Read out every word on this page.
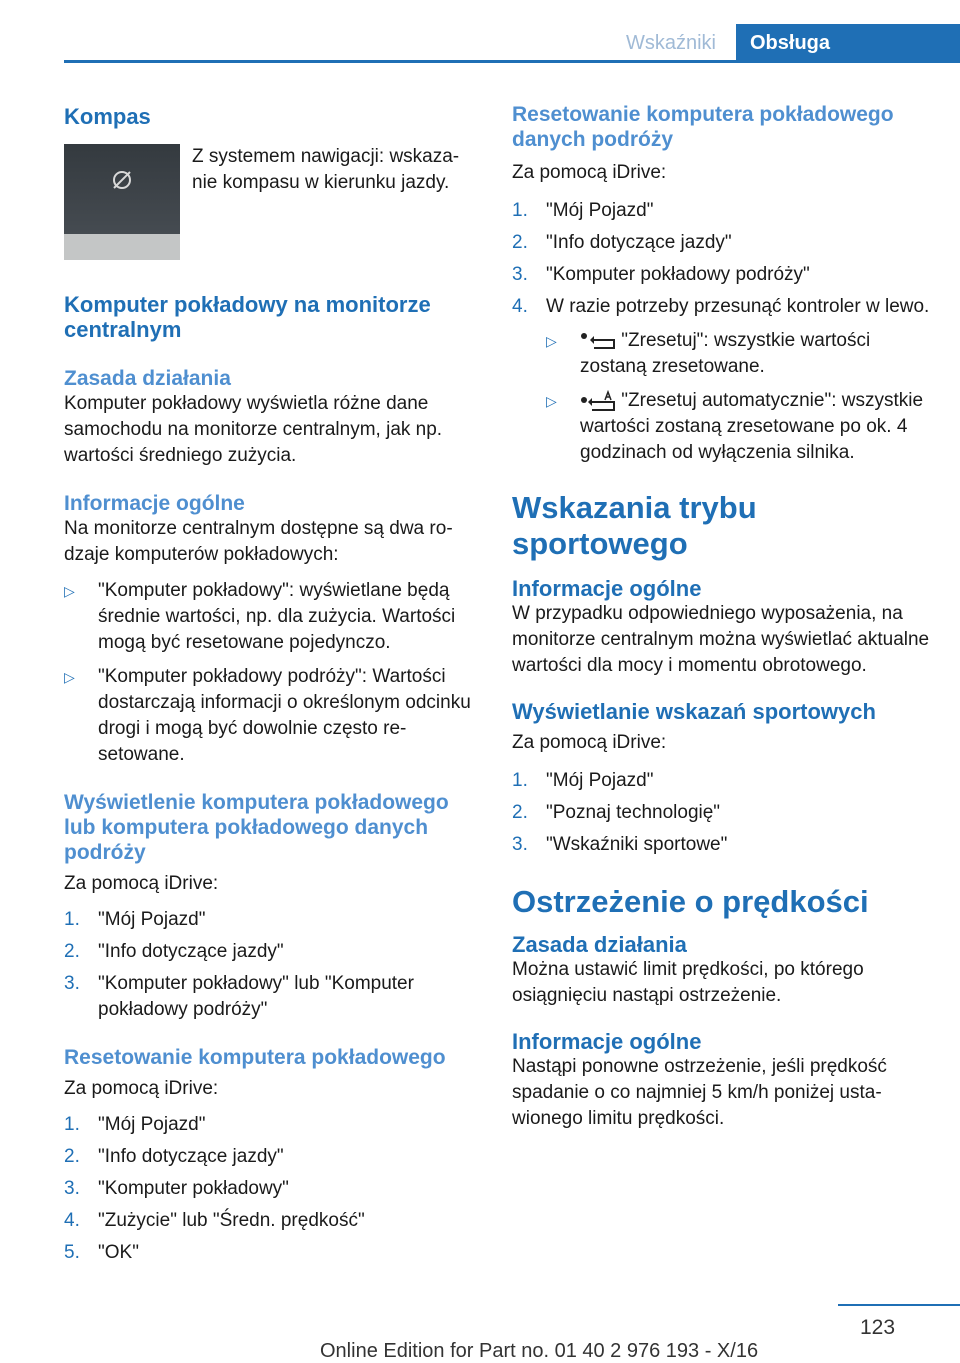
Wskaźniki	Obsługa
Kompas
Z systemem nawigacji: wskazanie kompasu w kierunku jazdy.
Komputer pokładowy na monitorze centralnym
Zasada działania
Komputer pokładowy wyświetla różne dane samochodu na monitorze centralnym, jak np. wartości średniego zużycia.
Informacje ogólne
Na monitorze centralnym dostępne są dwa rodzaje komputerów pokładowych:
▷ "Komputer pokładowy": wyświetlane będą średnie wartości, np. dla zużycia. Wartości mogą być resetowane pojedynczo.
▷ "Komputer pokładowy podróży": Wartości dostarczają informacji o określonym odcinku drogi i mogą być dowolnie często resetowane.
Wyświetlenie komputera pokładowego lub komputera pokładowego danych podróży
Za pomocą iDrive:
1. "Mój Pojazd"
2. "Info dotyczące jazdy"
3. "Komputer pokładowy" lub "Komputer pokładowy podróży"
Resetowanie komputera pokładowego
Za pomocą iDrive:
1. "Mój Pojazd"
2. "Info dotyczące jazdy"
3. "Komputer pokładowy"
4. "Zużycie" lub "Średn. prędkość"
5. "OK"
Resetowanie komputera pokładowego danych podróży
Za pomocą iDrive:
1. "Mój Pojazd"
2. "Info dotyczące jazdy"
3. "Komputer pokładowy podróży"
4. W razie potrzeby przesunąć kontroler w lewo.
▷	"Zresetuj": wszystkie wartości zostaną zresetowane.
▷	"Zresetuj automatycznie": wszystkie wartości zostaną zresetowane po ok. 4 godzinach od wyłączenia silnika.
Wskazania trybu sportowego
Informacje ogólne
W przypadku odpowiedniego wyposażenia, na monitorze centralnym można wyświetlać aktualne wartości dla mocy i momentu obrotowego.
Wyświetlanie wskazań sportowych
Za pomocą iDrive:
1. "Mój Pojazd"
2. "Poznaj technologię"
3. "Wskaźniki sportowe"
Ostrzeżenie o prędkości
Zasada działania
Można ustawić limit prędkości, po którego osiągnięciu nastąpi ostrzeżenie.
Informacje ogólne
Nastąpi ponowne ostrzeżenie, jeśli prędkość spadanie o co najmniej 5 km/h poniżej ustawionego limitu prędkości.
123
Online Edition for Part no. 01 40 2 976 193 - X/16
